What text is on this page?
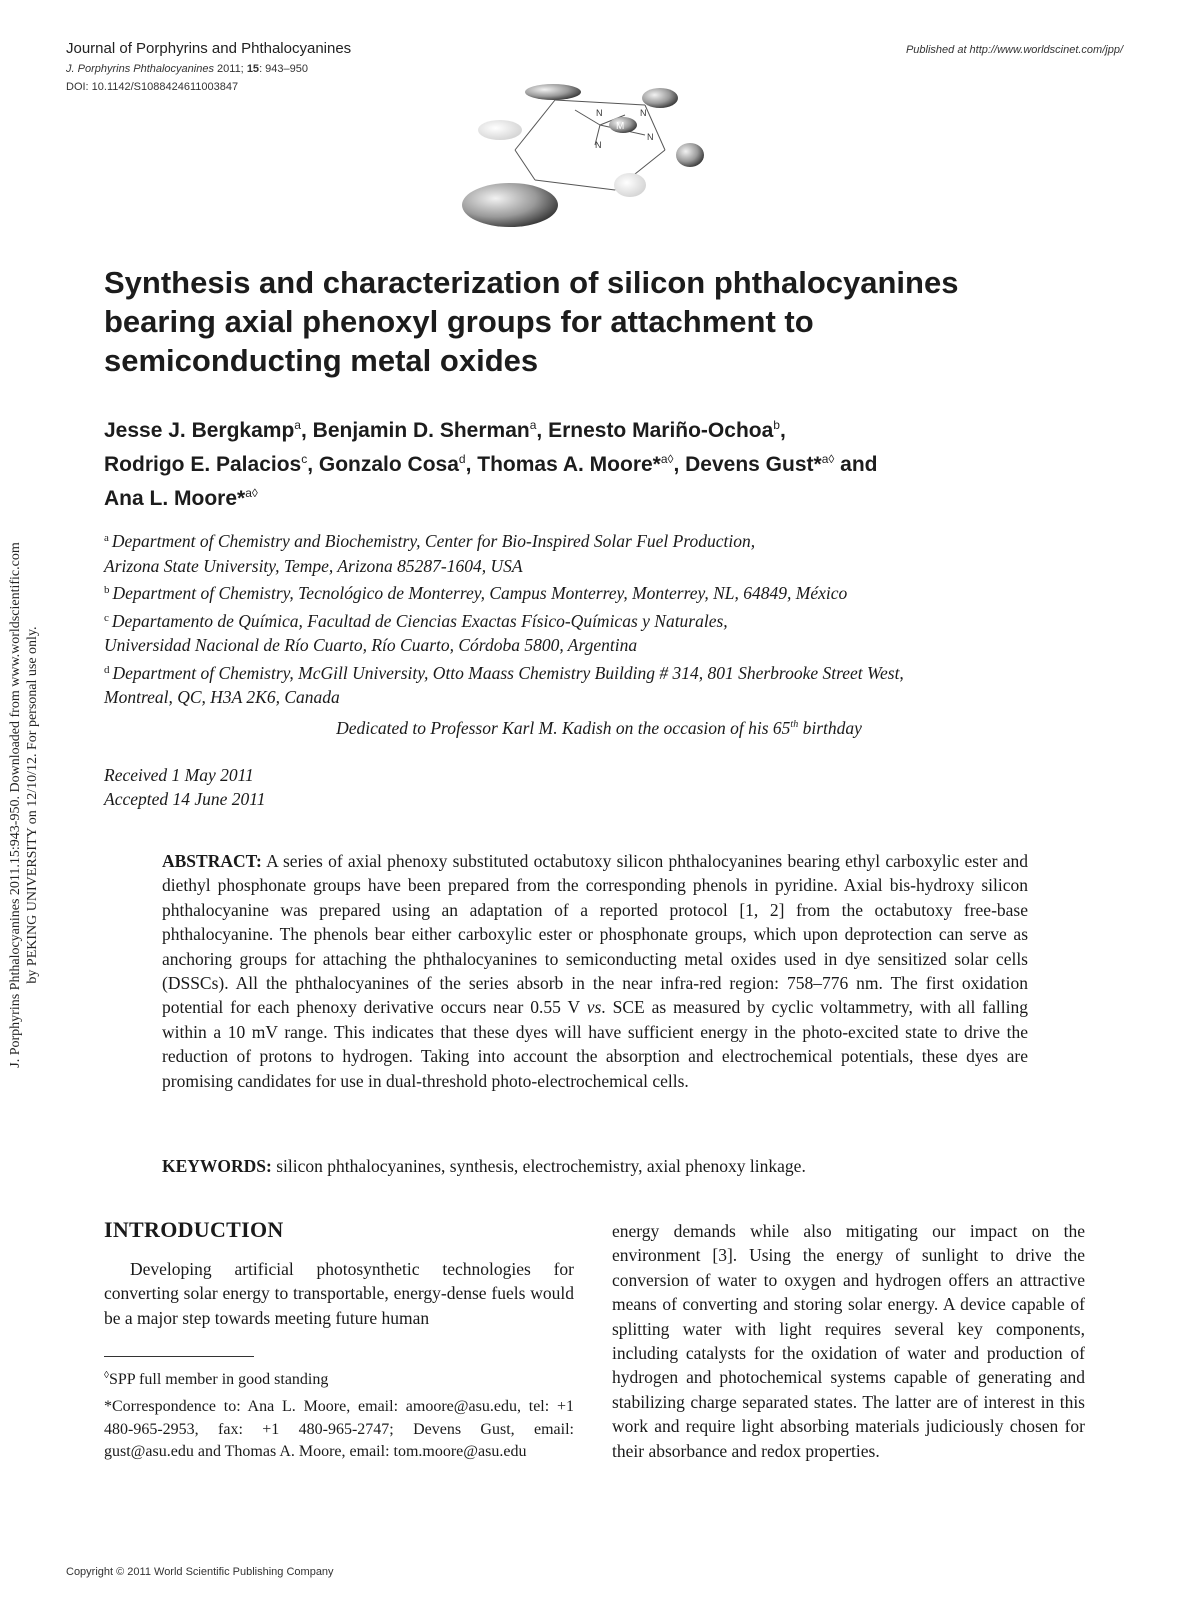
Journal of Porphyrins and Phthalocyanines
J. Porphyrins Phthalocyanines 2011; 15: 943–950
DOI: 10.1142/S1088424611003847
Published at http://www.worldscinet.com/jpp/
M
N	N
N
N
J. Porphyrins Phthalocyanines 2011.15:943-950. Downloaded from www.worldscientific.com by PEKING UNIVERSITY on 12/10/12. For personal use only.
Synthesis and characterization of silicon phthalocyanines
bearing axial phenoxyl groups for attachment to
semiconducting metal oxides
Jesse J. Bergkamp$^a$, Benjamin D. Sherman$^a$, Ernesto Mariño-Ochoa$^b$,
Rodrigo E. Palacios$^c$, Gonzalo Cosa$^d$, Thomas A. Moore*$^{a◊}$, Devens Gust*$^{a◊}$ and
Ana L. Moore*$^{a◊}$
$^a$ Department of Chemistry and Biochemistry, Center for Bio-Inspired Solar Fuel Production,
Arizona State University, Tempe, Arizona 85287-1604, USA
$^b$ Department of Chemistry, Tecnológico de Monterrey, Campus Monterrey, Monterrey, NL, 64849, México
$^c$ Departamento de Química, Facultad de Ciencias Exactas Físico-Químicas y Naturales,
Universidad Nacional de Río Cuarto, Río Cuarto, Córdoba 5800, Argentina
$^d$ Department of Chemistry, McGill University, Otto Maass Chemistry Building # 314, 801 Sherbrooke Street West,
Montreal, QC, H3A 2K6, Canada
Dedicated to Professor Karl M. Kadish on the occasion of his 65th birthday
Received 1 May 2011
Accepted 14 June 2011
ABSTRACT: A series of axial phenoxy substituted octabutoxy silicon phthalocyanines bearing ethyl carboxylic ester and diethyl phosphonate groups have been prepared from the corresponding phenols in pyridine. Axial bis-hydroxy silicon phthalocyanine was prepared using an adaptation of a reported protocol [1, 2] from the octabutoxy free-base phthalocyanine. The phenols bear either carboxylic ester or phosphonate groups, which upon deprotection can serve as anchoring groups for attaching the phthalocyanines to semiconducting metal oxides used in dye sensitized solar cells (DSSCs). All the phthalocyanines of the series absorb in the near infra-red region: 758–776 nm. The first oxidation potential for each phenoxy derivative occurs near 0.55 V vs. SCE as measured by cyclic voltammetry, with all falling within a 10 mV range. This indicates that these dyes will have sufficient energy in the photo-excited state to drive the reduction of protons to hydrogen. Taking into account the absorption and electrochemical potentials, these dyes are promising candidates for use in dual-threshold photo-electrochemical cells.
KEYWORDS: silicon phthalocyanines, synthesis, electrochemistry, axial phenoxy linkage.
INTRODUCTION
Developing artificial photosynthetic technologies for converting solar energy to transportable, energy-dense fuels would be a major step towards meeting future human
energy demands while also mitigating our impact on the environment [3]. Using the energy of sunlight to drive the conversion of water to oxygen and hydrogen offers an attractive means of converting and storing solar energy. A device capable of splitting water with light requires several key components, including catalysts for the oxidation of water and production of hydrogen and photochemical systems capable of generating and stabilizing charge separated states. The latter are of interest in this work and require light absorbing materials judiciously chosen for their absorbance and redox properties.
◊SPP full member in good standing
*Correspondence to: Ana L. Moore, email: amoore@asu.edu, tel: +1 480-965-2953, fax: +1 480-965-2747; Devens Gust, email: gust@asu.edu and Thomas A. Moore, email: tom.moore@asu.edu
Copyright © 2011 World Scientific Publishing Company
